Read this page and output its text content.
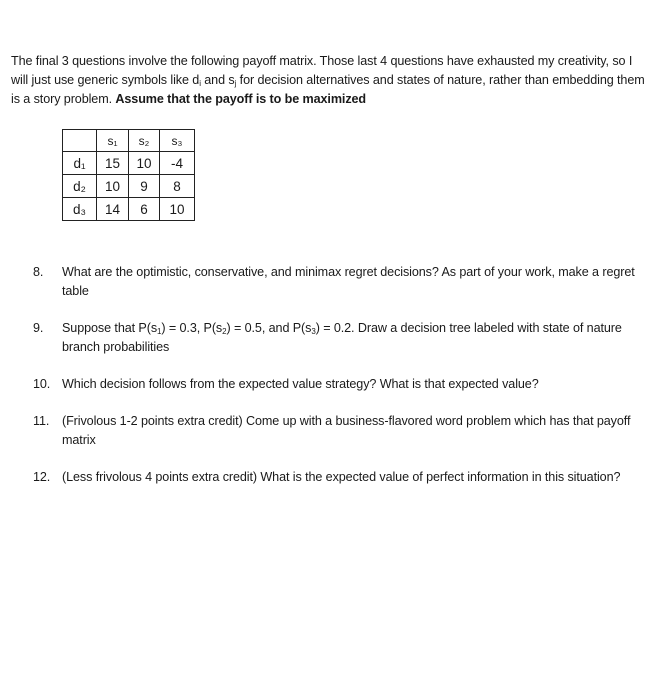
The final 3 questions involve the following payoff matrix. Those last 4 questions have exhausted my creativity, so I will just use generic symbols like $d_i$ and $s_j$ for decision alternatives and states of nature, rather than embedding them is a story problem. Assume that the payoff is to be maximized
	s₁	s₂	s₃
d₁	15	10	-4
d₂	10	9	8
d₃	14	6	10
8.	What are the optimistic, conservative, and minimax regret decisions? As part of your work, make a regret table
9.	Suppose that $P(s_1) = 0.3$, $P(s_2) = 0.5$, and $P(s_3) = 0.2$. Draw a decision tree labeled with state of nature branch probabilities
10. Which decision follows from the expected value strategy? What is that expected value?
11.	(Frivolous 1-2 points extra credit) Come up with a business-flavored word problem which has that payoff matrix
12. (Less frivolous 4 points extra credit) What is the expected value of perfect information in this situation?
